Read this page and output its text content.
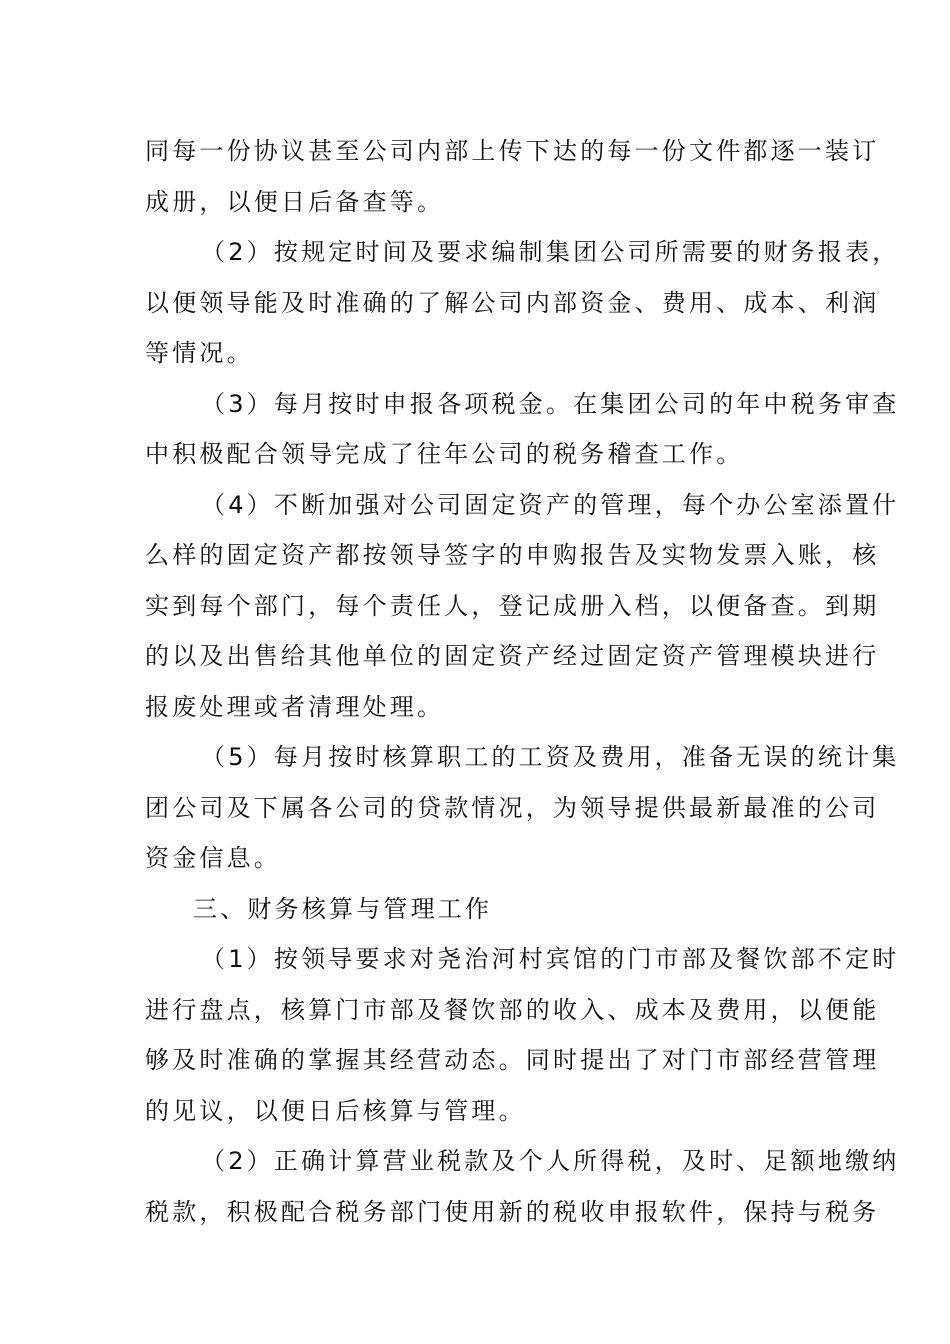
同每一份协议甚至公司内部上传下达的每一份文件都逐一装订
成册，以便日后备查等。

（2）按规定时间及要求编制集团公司所需要的财务报表，
以便领导能及时准确的了解公司内部资金、费用、成本、利润
等情况。

（3）每月按时申报各项税金。在集团公司的年中税务审查
中积极配合领导完成了往年公司的税务稽查工作。

（4）不断加强对公司固定资产的管理，每个办公室添置什
么样的固定资产都按领导签字的申购报告及实物发票入账，核
实到每个部门，每个责任人，登记成册入档，以便备查。到期
的以及出售给其他单位的固定资产经过固定资产管理模块进行
报废处理或者清理处理。

（5）每月按时核算职工的工资及费用，准备无误的统计集
团公司及下属各公司的贷款情况，为领导提供最新最准的公司
资金信息。

三、财务核算与管理工作

（1）按领导要求对尧治河村宾馆的门市部及餐饮部不定时
进行盘点，核算门市部及餐饮部的收入、成本及费用，以便能
够及时准确的掌握其经营动态。同时提出了对门市部经营管理
的见议，以便日后核算与管理。

（2）正确计算营业税款及个人所得税，及时、足额地缴纳
税款，积极配合税务部门使用新的税收申报软件，保持与税务
